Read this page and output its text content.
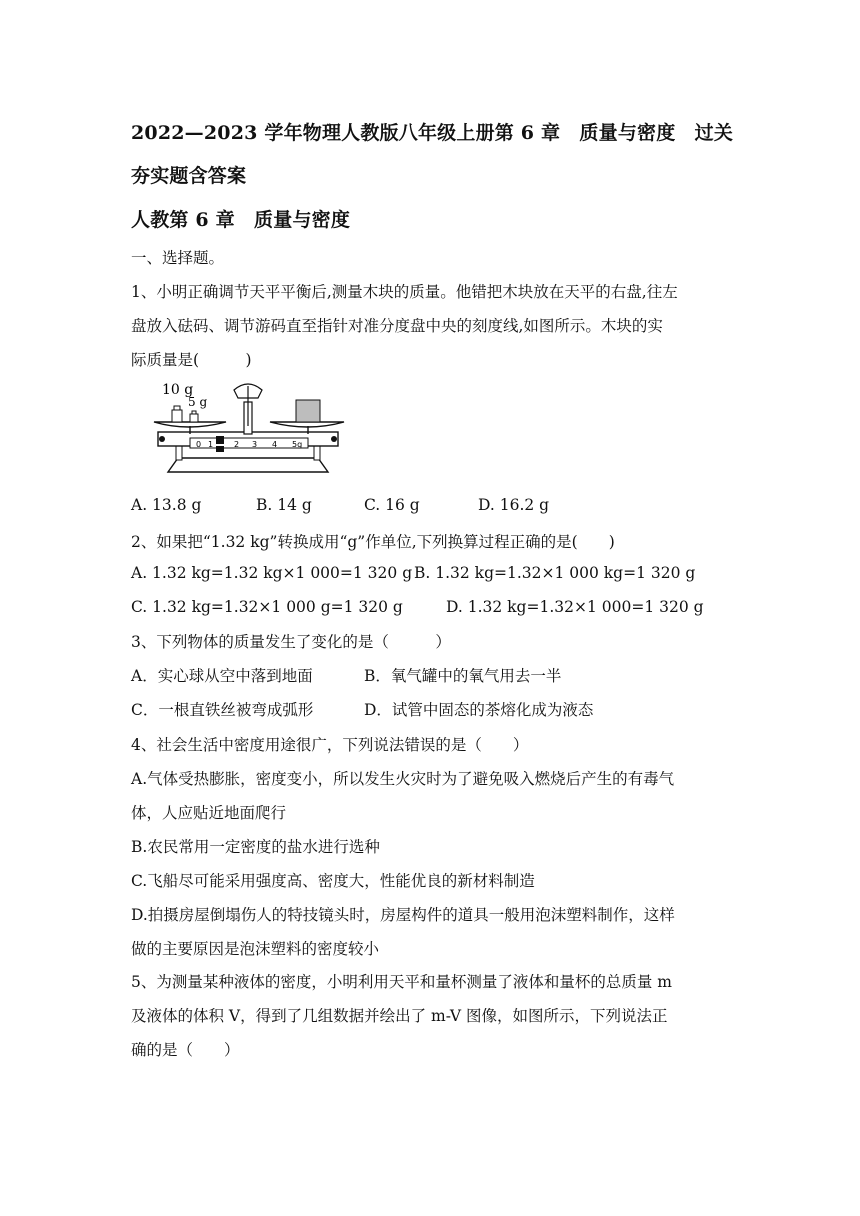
2022—2023 学年物理人教版八年级上册第 6 章　质量与密度　过关
夯实题含答案
人教第 6 章　质量与密度
一、选择题。
1、小明正确调节天平平衡后,测量木块的质量。他错把木块放在天平的右盘,往左
盘放入砝码、调节游码直至指针对准分度盘中央的刻度线,如图所示。木块的实
际质量是(　　　)
0 1	2 3 4 5g
10 g
5 g
A. 13.8 g	B. 14 g	C. 16 g	D. 16.2 g
2、如果把“1.32 kg”转换成用“g”作单位,下列换算过程正确的是(　　)
A. 1.32 kg=1.32 kg×1 000=1 320 g B. 1.32 kg=1.32×1 000 kg=1 320 g
C. 1.32 kg=1.32×1 000 g=1 320 g	D. 1.32 kg=1.32×1 000=1 320 g
3、下列物体的质量发生了变化的是（　　　）
A．实心球从空中落到地面	B．氧气罐中的氧气用去一半
C．一根直铁丝被弯成弧形	D．试管中固态的茶熔化成为液态
4、社会生活中密度用途很广，下列说法错误的是（　　）
A.气体受热膨胀，密度变小，所以发生火灾时为了避免吸入燃烧后产生的有毒气
体，人应贴近地面爬行
B.农民常用一定密度的盐水进行选种
C.飞船尽可能采用强度高、密度大，性能优良的新材料制造
D.拍摄房屋倒塌伤人的特技镜头时，房屋构件的道具一般用泡沫塑料制作，这样
做的主要原因是泡沫塑料的密度较小
5、为测量某种液体的密度，小明利用天平和量杯测量了液体和量杯的总质量 m
及液体的体积 V，得到了几组数据并绘出了 m-V 图像，如图所示，下列说法正
确的是（　　）
